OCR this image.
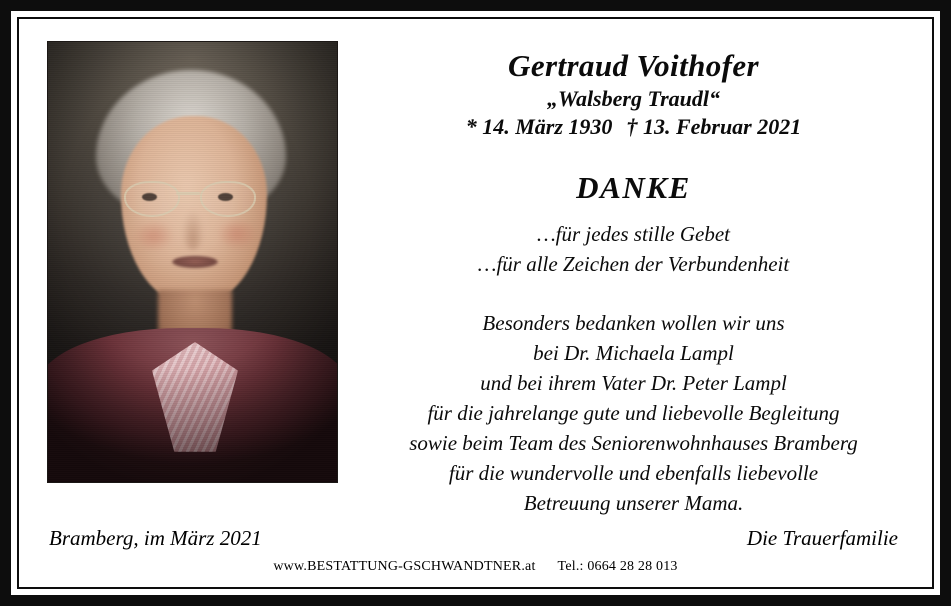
Gertraud Voithofer
„Walsberg Traudl“
* 14. März 1930 † 13. Februar 2021
DANKE
…für jedes stille Gebet
…für alle Zeichen der Verbundenheit
Besonders bedanken wollen wir uns
bei Dr. Michaela Lampl
und bei ihrem Vater Dr. Peter Lampl
für die jahrelange gute und liebevolle Begleitung
sowie beim Team des Seniorenwohnhauses Bramberg
für die wundervolle und ebenfalls liebevolle
Betreuung unserer Mama.
Bramberg, im März 2021	Die Trauerfamilie
www.BESTATTUNG-GSCHWANDTNER.at Tel.: 0664 28 28 013
